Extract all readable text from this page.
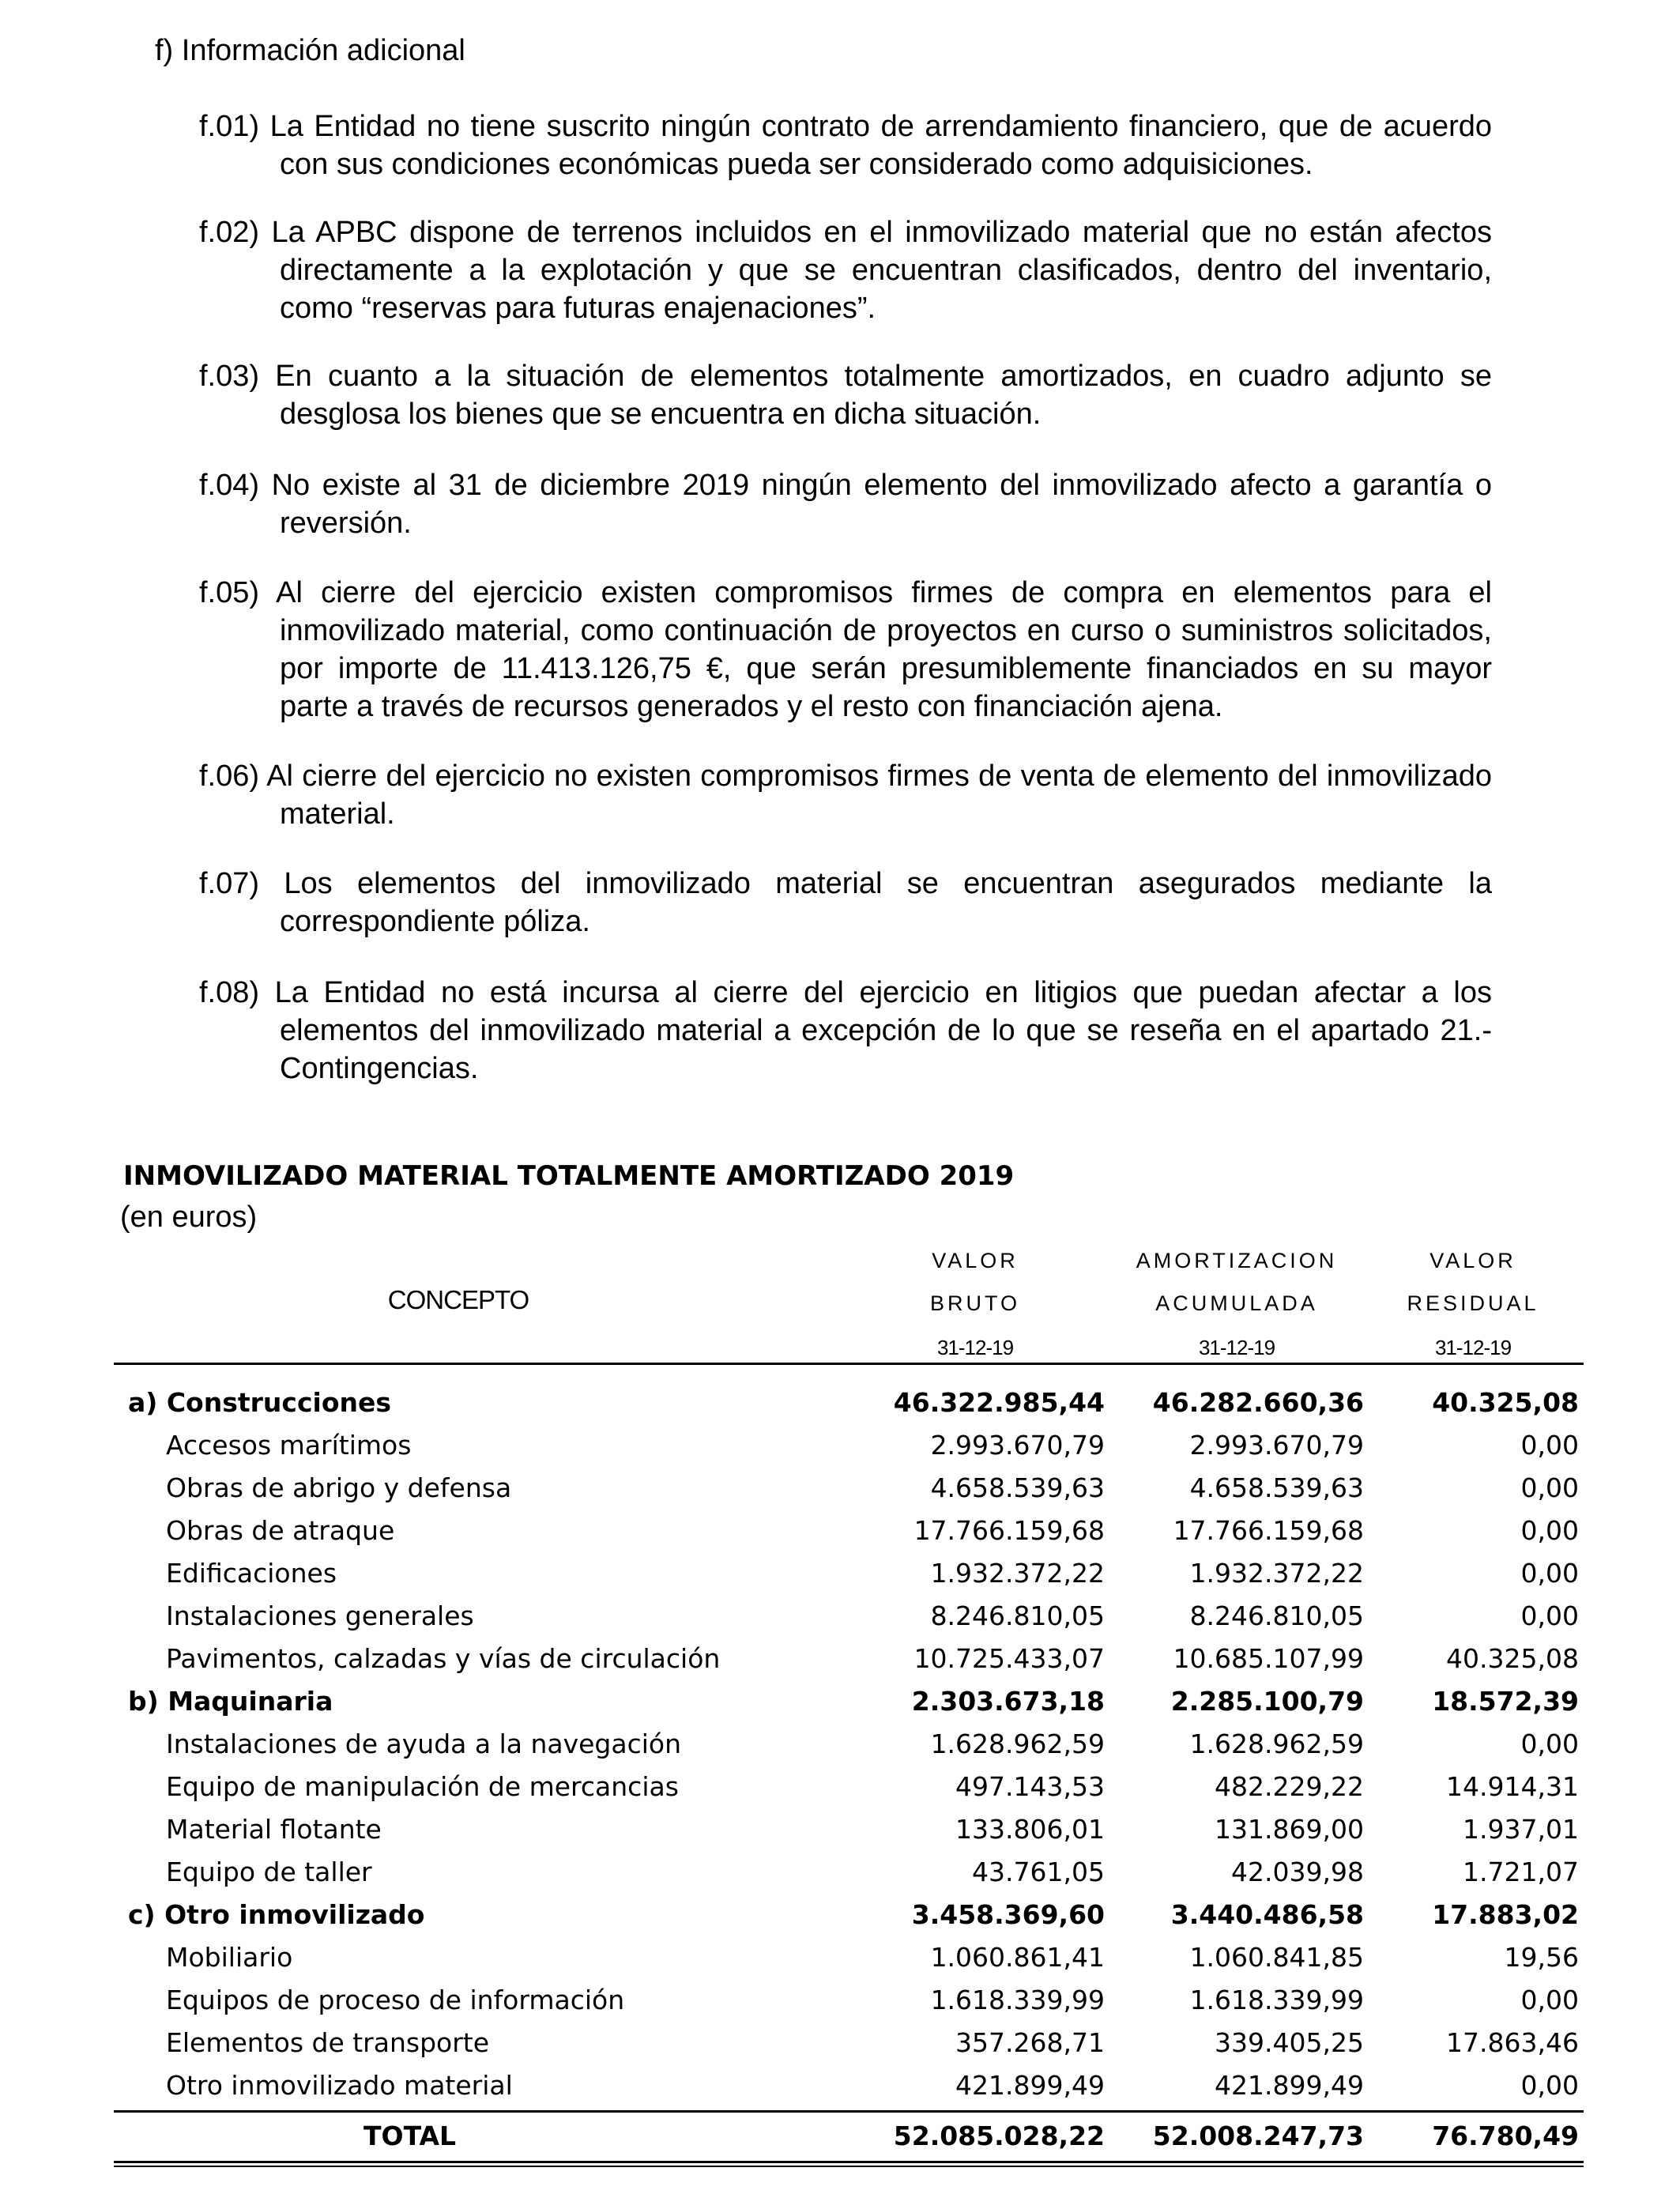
f) Información adicional
f.01) La Entidad no tiene suscrito ningún contrato de arrendamiento financiero, que de acuerdo con sus condiciones económicas pueda ser considerado como adquisiciones.
f.02) La APBC dispone de terrenos incluidos en el inmovilizado material que no están afectos directamente a la explotación y que se encuentran clasificados, dentro del inventario, como “reservas para futuras enajenaciones”.
f.03) En cuanto a la situación de elementos totalmente amortizados, en cuadro adjunto se desglosa los bienes que se encuentra en dicha situación.
f.04) No existe al 31 de diciembre 2019 ningún elemento del inmovilizado afecto a garantía o reversión.
f.05) Al cierre del ejercicio existen compromisos firmes de compra en elementos para el inmovilizado material, como continuación de proyectos en curso o suministros solicitados, por importe de 11.413.126,75 €, que serán presumiblemente financiados en su mayor parte a través de recursos generados y el resto con financiación ajena.
f.06) Al cierre del ejercicio no existen compromisos firmes de venta de elemento del inmovilizado material.
f.07) Los elementos del inmovilizado material se encuentran asegurados mediante la correspondiente póliza.
f.08) La Entidad no está incursa al cierre del ejercicio en litigios que puedan afectar a los elementos del inmovilizado material a excepción de lo que se reseña en el apartado 21.- Contingencias.
INMOVILIZADO MATERIAL TOTALMENTE AMORTIZADO 2019
(en euros)
CONCEPTO
VALOR
BRUTO
31-12-19
AMORTIZACION
ACUMULADA
31-12-19
VALOR
RESIDUAL
31-12-19
a) Construcciones	46.322.985,44 46.282.660,36	40.325,08
Accesos marítimos	2.993.670,79	2.993.670,79	0,00
Obras de abrigo y defensa	4.658.539,63	4.658.539,63	0,00
Obras de atraque	17.766.159,68	17.766.159,68	0,00
Edificaciones	1.932.372,22	1.932.372,22	0,00
Instalaciones generales	8.246.810,05	8.246.810,05	0,00
Pavimentos, calzadas y vías de circulación	10.725.433,07	10.685.107,99	40.325,08
b) Maquinaria	2.303.673,18	2.285.100,79	18.572,39
Instalaciones de ayuda a la navegación	1.628.962,59	1.628.962,59	0,00
Equipo de manipulación de mercancias	497.143,53	482.229,22	14.914,31
Material flotante	133.806,01	131.869,00	1.937,01
Equipo de taller	43.761,05	42.039,98	1.721,07
c) Otro inmovilizado	3.458.369,60	3.440.486,58	17.883,02
Mobiliario	1.060.861,41	1.060.841,85	19,56
Equipos de proceso de información	1.618.339,99	1.618.339,99	0,00
Elementos de transporte	357.268,71	339.405,25	17.863,46
Otro inmovilizado material	421.899,49	421.899,49	0,00
TOTAL	52.085.028,22 52.008.247,73	76.780,49
